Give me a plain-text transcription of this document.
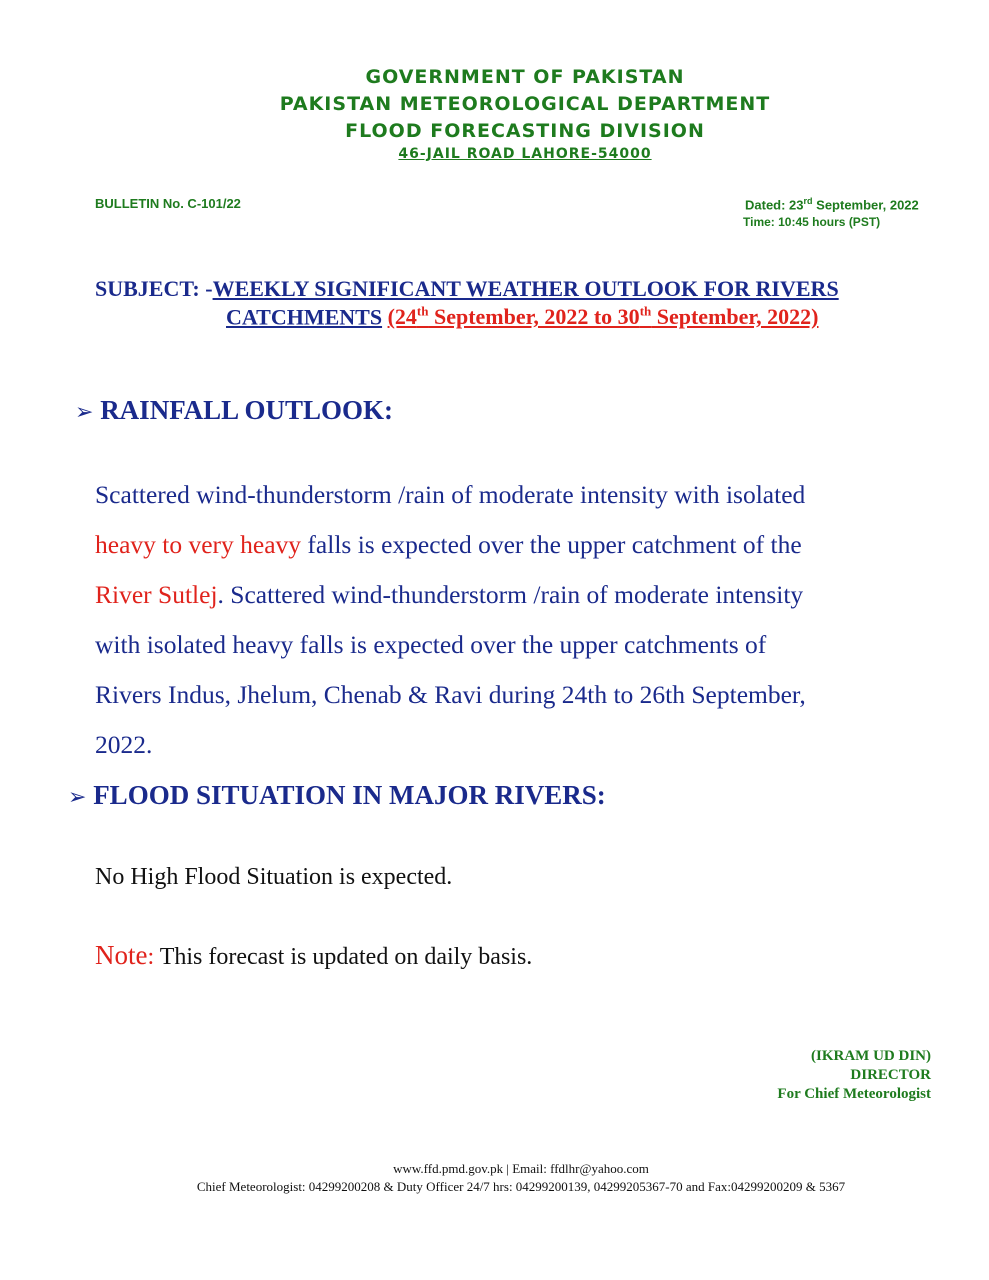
GOVERNMENT OF PAKISTAN
PAKISTAN METEOROLOGICAL DEPARTMENT
FLOOD FORECASTING DIVISION
46-JAIL ROAD LAHORE-54000
BULLETIN No. C-101/22	Dated: 23rd September, 2022
Time: 10:45 hours (PST)
SUBJECT: -WEEKLY SIGNIFICANT WEATHER OUTLOOK FOR RIVERS
CATCHMENTS (24th September, 2022 to 30th September, 2022)
➢ RAINFALL OUTLOOK:
Scattered wind-thunderstorm /rain of moderate intensity with isolated
heavy to very heavy falls is expected over the upper catchment of the
River Sutlej. Scattered wind-thunderstorm /rain of moderate intensity
with isolated heavy falls is expected over the upper catchments of
Rivers Indus, Jhelum, Chenab & Ravi during 24th to 26th September,
2022.
➢ FLOOD SITUATION IN MAJOR RIVERS:
No High Flood Situation is expected.
Note: This forecast is updated on daily basis.
(IKRAM UD DIN)
DIRECTOR
For Chief Meteorologist
www.ffd.pmd.gov.pk | Email: ffdlhr@yahoo.com
Chief Meteorologist: 04299200208 & Duty Officer 24/7 hrs: 04299200139, 04299205367-70 and Fax:04299200209 & 5367
